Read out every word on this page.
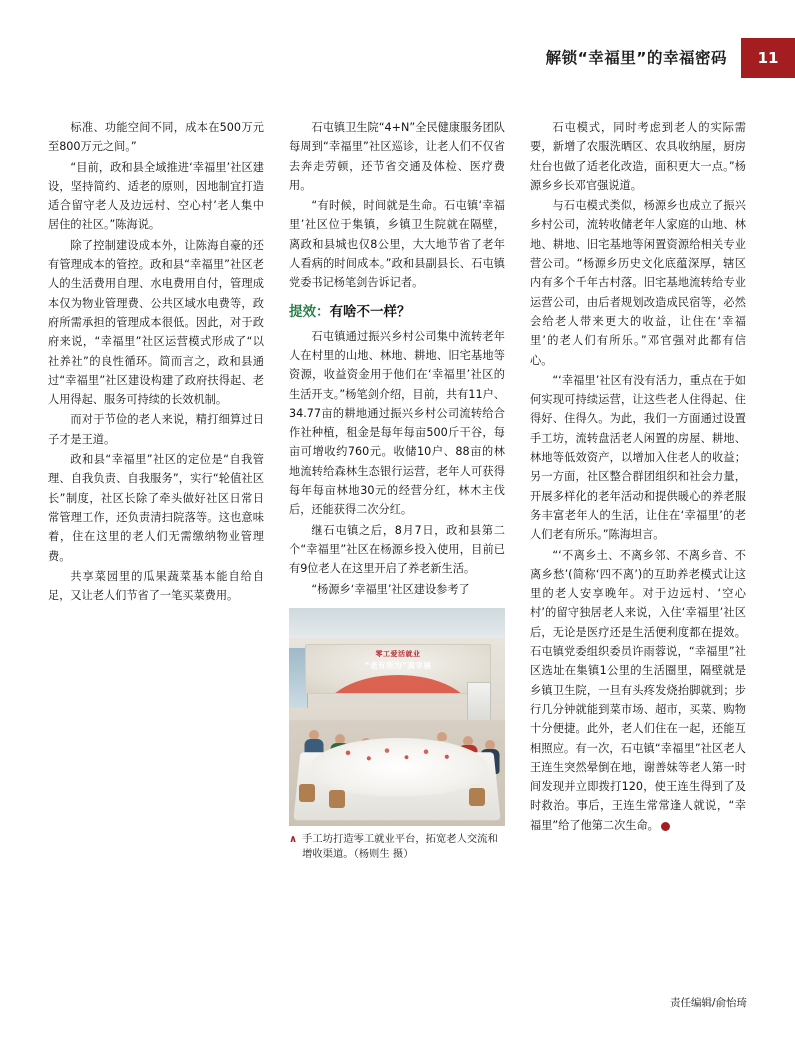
解锁“幸福里”的幸福密码	11

标准、功能空间不同，成本在500万元至800万元之间。”

“目前，政和县全域推进‘幸福里’社区建设，坚持简约、适老的原则，因地制宜打造适合留守老人及边远村、空心村’老人集中居住的社区。”陈海说。

除了控制建设成本外，让陈海自豪的还有管理成本的管控。政和县“幸福里”社区老人的生活费用自理、水电费用自付，管理成本仅为物业管理费、公共区域水电费等，政府所需承担的管理成本很低。因此，对于政府来说，“幸福里”社区运营模式形成了“以社养社”的良性循环。简而言之，政和县通过“幸福里”社区建设构建了政府扶得起、老人用得起、服务可持续的长效机制。

而对于节俭的老人来说，精打细算过日子才是王道。

政和县“幸福里”社区的定位是“自我管理、自我负责、自我服务”，实行“轮值社区长”制度，社区长除了牵头做好社区日常日常管理工作，还负责清扫院落等。这也意味着，住在这里的老人们无需缴纳物业管理费。

共享菜园里的瓜果蔬菜基本能自给自足，又让老人们节省了一笔买菜费用。

石屯镇卫生院“4+N”全民健康服务团队每周到“幸福里”社区巡诊，让老人们不仅省去奔走劳顿，还节省交通及体检、医疗费用。

“有时候，时间就是生命。石屯镇‘幸福里’社区位于集镇，乡镇卫生院就在隔壁，离政和县城也仅8公里，大大地节省了老年人看病的时间成本。”政和县副县长、石屯镇党委书记杨笔剑告诉记者。

提效：有啥不一样？

石屯镇通过振兴乡村公司集中流转老年人在村里的山地、林地、耕地、旧宅基地等资源，收益资金用于他们在‘幸福里’社区的生活开支。”杨笔剑介绍，目前，共有11户、34.77亩的耕地通过振兴乡村公司流转给合作社种植，租金是每年每亩500斤干谷，每亩可增收约760元。收储10户、88亩的林地流转给森林生态银行运营，老年人可获得每年每亩林地30元的经营分红，林木主伐后，还能获得二次分红。

继石屯镇之后，8月7日，政和县第二个“幸福里”社区在杨源乡投入使用，目前已有9位老人在这里开启了养老新生活。

“杨源乡‘幸福里’社区建设参考了

零工爱活就业
“老有所为”真幸福
∧ 手工坊打造零工就业平台，拓宽老人交流和增收渠道。（杨则生 摄）

石屯模式，同时考虑到老人的实际需要，新增了农服洗晒区、农具收纳屋，厨房灶台也做了适老化改造，面积更大一点。”杨源乡乡长邓官强说道。

与石屯模式类似，杨源乡也成立了振兴乡村公司，流转收储老年人家庭的山地、林地、耕地、旧宅基地等闲置资源给相关专业营公司。“杨源乡历史文化底蕴深厚，辖区内有多个千年古村落。旧宅基地流转给专业运营公司，由后者规划改造成民宿等，必然会给老人带来更大的收益，让住在‘幸福里’的老人们有所乐。”邓官强对此都有信心。

“‘幸福里’社区有没有活力，重点在于如何实现可持续运营，让这些老人住得起、住得好、住得久。为此，我们一方面通过设置手工坊，流转盘活老人闲置的房屋、耕地、林地等低效资产，以增加入住老人的收益；另一方面，社区整合群团组织和社会力量，开展多样化的老年活动和提供暖心的养老服务丰富老年人的生活，让住在‘幸福里’的老人们老有所乐。”陈海坦言。

“‘不离乡土、不离乡邻、不离乡音、不离乡愁’(简称‘四不离’)的互助养老模式让这里的老人安享晚年。对于边远村、‘空心村’的留守独居老人来说，入住‘幸福里’社区后，无论是医疗还是生活便利度都在提效。石屯镇党委组织委员许雨蓉说，“幸福里”社区选址在集镇1公里的生活圈里，隔壁就是乡镇卫生院，一旦有头疼发烧抬脚就到；步行几分钟就能到菜市场、超市，买菜、购物十分便捷。此外，老人们住在一起，还能互相照应。有一次，石屯镇“幸福里”社区老人王连生突然晕倒在地，谢善妹等老人第一时间发现并立即拨打120，使王连生得到了及时救治。事后，王连生常常逢人就说，“幸福里”给了他第二次生命。	B

责任编辑/俞怡琦
